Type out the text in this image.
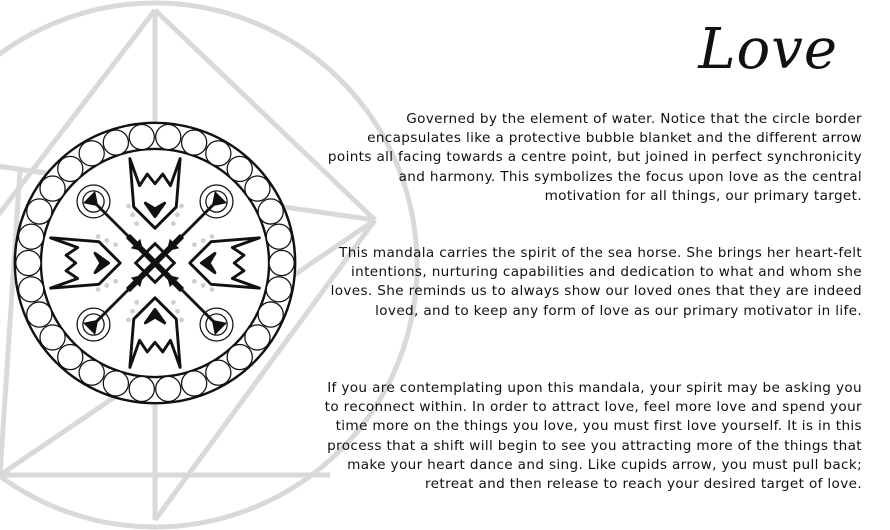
Love

Governed by the element of water. Notice that the circle border encapsulates like a protective bubble blanket and the different arrow points all facing towards a centre point, but joined in perfect synchronicity and harmony. This symbolizes the focus upon love as the central motivation for all things, our primary target.

This mandala carries the spirit of the sea horse. She brings her heart-felt intentions, nurturing capabilities and dedication to what and whom she loves. She reminds us to always show our loved ones that they are indeed loved, and to keep any form of love as our primary motivator in life.

If you are contemplating upon this mandala, your spirit may be asking you to reconnect within. In order to attract love, feel more love and spend your time more on the things you love, you must first love yourself. It is in this process that a shift will begin to see you attracting more of the things that make your heart dance and sing. Like cupids arrow, you must pull back; retreat and then release to reach your desired target of love.
